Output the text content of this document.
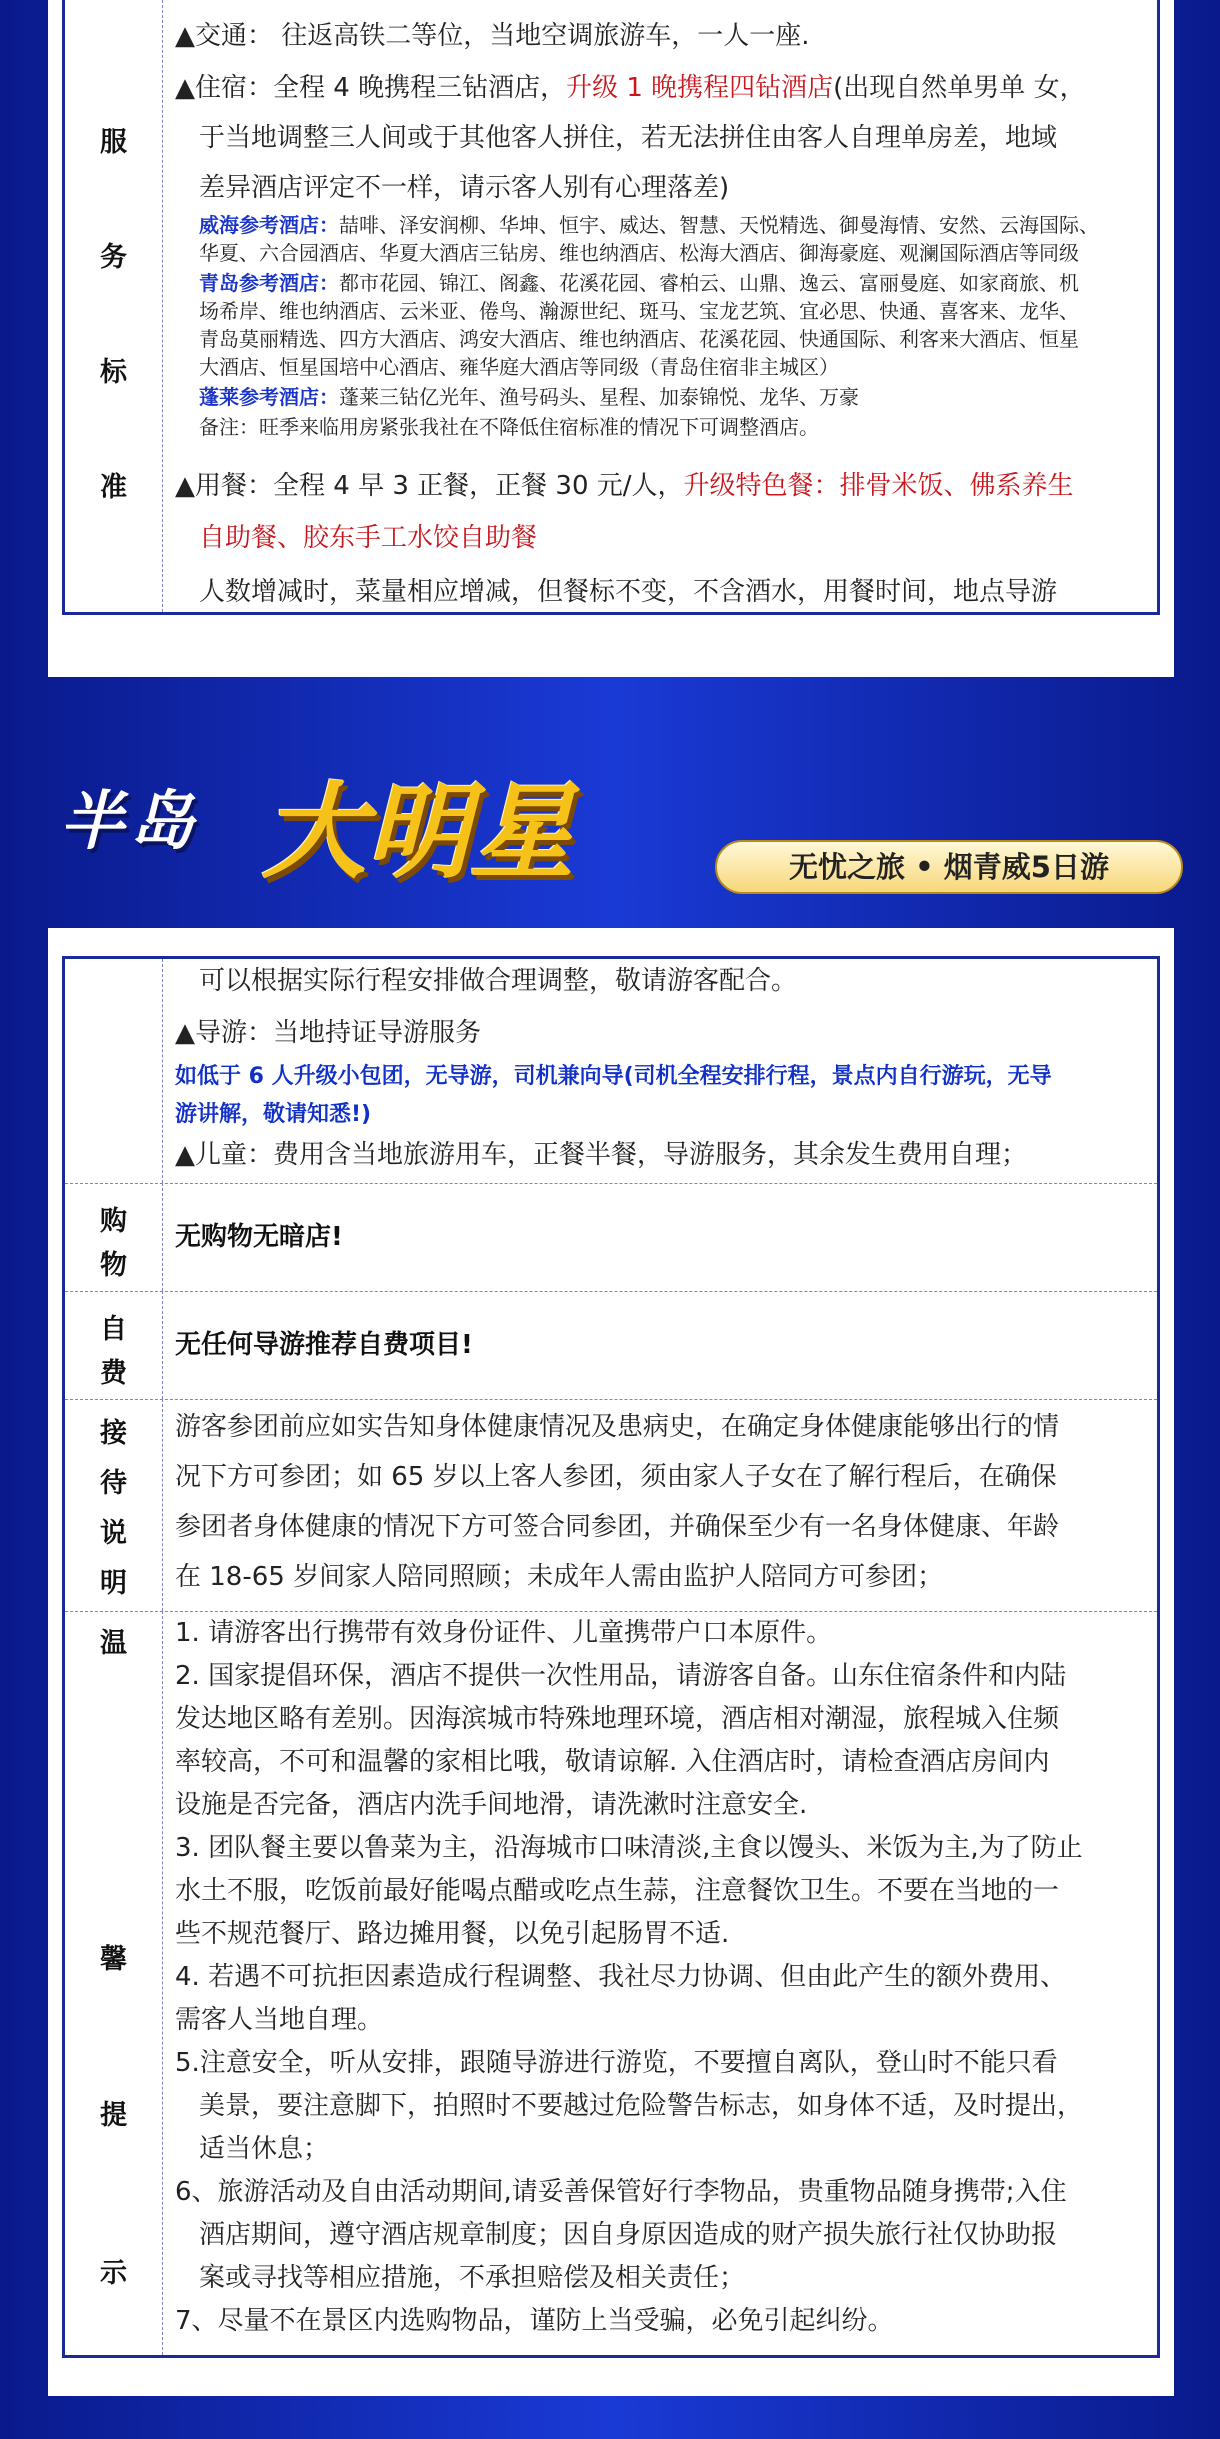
服
务
标
准
▲交通： 往返高铁二等位，当地空调旅游车，一人一座.
▲住宿：全程 4 晚携程三钻酒店，升级 1 晚携程四钻酒店(出现自然单男单 女，
于当地调整三人间或于其他客人拼住，若无法拼住由客人自理单房差，地域
差异酒店评定不一样，请示客人别有心理落差)
威海参考酒店：喆啡、泽安润柳、华坤、恒宇、威达、智慧、天悦精选、御曼海情、安然、云海国际、
华夏、六合园酒店、华夏大酒店三钻房、维也纳酒店、松海大酒店、御海豪庭、观澜国际酒店等同级
青岛参考酒店：都市花园、锦江、阁鑫、花溪花园、睿柏云、山鼎、逸云、富丽曼庭、如家商旅、机
场希岸、维也纳酒店、云米亚、倦鸟、瀚源世纪、斑马、宝龙艺筑、宜必思、快通、喜客来、龙华、
青岛莫丽精选、四方大酒店、鸿安大酒店、维也纳酒店、花溪花园、快通国际、利客来大酒店、恒星
大酒店、恒星国培中心酒店、雍华庭大酒店等同级（青岛住宿非主城区）
蓬莱参考酒店：蓬莱三钻亿光年、渔号码头、星程、加泰锦悦、龙华、万豪
备注：旺季来临用房紧张我社在不降低住宿标准的情况下可调整酒店。
▲用餐：全程 4 早 3 正餐，正餐 30 元/人，升级特色餐：排骨米饭、佛系养生
自助餐、胶东手工水饺自助餐
人数增减时，菜量相应增减，但餐标不变，不含酒水，用餐时间，地点导游
半岛 大明星	无忧之旅 • 烟青威5日游
可以根据实际行程安排做合理调整，敬请游客配合。
▲导游：当地持证导游服务
如低于 6 人升级小包团，无导游，司机兼向导(司机全程安排行程，景点内自行游玩，无导
游讲解，敬请知悉!)
▲儿童：费用含当地旅游用车，正餐半餐，导游服务，其余发生费用自理；
购
物
无购物无暗店!
自
费
无任何导游推荐自费项目!
接
待
说
明
游客参团前应如实告知身体健康情况及患病史，在确定身体健康能够出行的情
况下方可参团；如 65 岁以上客人参团，须由家人子女在了解行程后，在确保
参团者身体健康的情况下方可签合同参团，并确保至少有一名身体健康、年龄
在 18-65 岁间家人陪同照顾；未成年人需由监护人陪同方可参团；
温
馨
提
示
1. 请游客出行携带有效身份证件、儿童携带户口本原件。
2. 国家提倡环保，酒店不提供一次性用品，请游客自备。山东住宿条件和内陆
发达地区略有差别。因海滨城市特殊地理环境，酒店相对潮湿，旅程城入住频
率较高，不可和温馨的家相比哦，敬请谅解. 入住酒店时，请检查酒店房间内
设施是否完备，酒店内洗手间地滑，请洗漱时注意安全.
3. 团队餐主要以鲁菜为主，沿海城市口味清淡,主食以馒头、米饭为主,为了防止
水土不服，吃饭前最好能喝点醋或吃点生蒜，注意餐饮卫生。不要在当地的一
些不规范餐厅、路边摊用餐，以免引起肠胃不适.
4. 若遇不可抗拒因素造成行程调整、我社尽力协调、但由此产生的额外费用、
需客人当地自理。
5.注意安全，听从安排，跟随导游进行游览，不要擅自离队，登山时不能只看
美景，要注意脚下，拍照时不要越过危险警告标志，如身体不适，及时提出，
适当休息；
6、旅游活动及自由活动期间,请妥善保管好行李物品，贵重物品随身携带;入住
酒店期间，遵守酒店规章制度；因自身原因造成的财产损失旅行社仅协助报
案或寻找等相应措施，不承担赔偿及相关责任；
7、尽量不在景区内选购物品，谨防上当受骗，必免引起纠纷。
